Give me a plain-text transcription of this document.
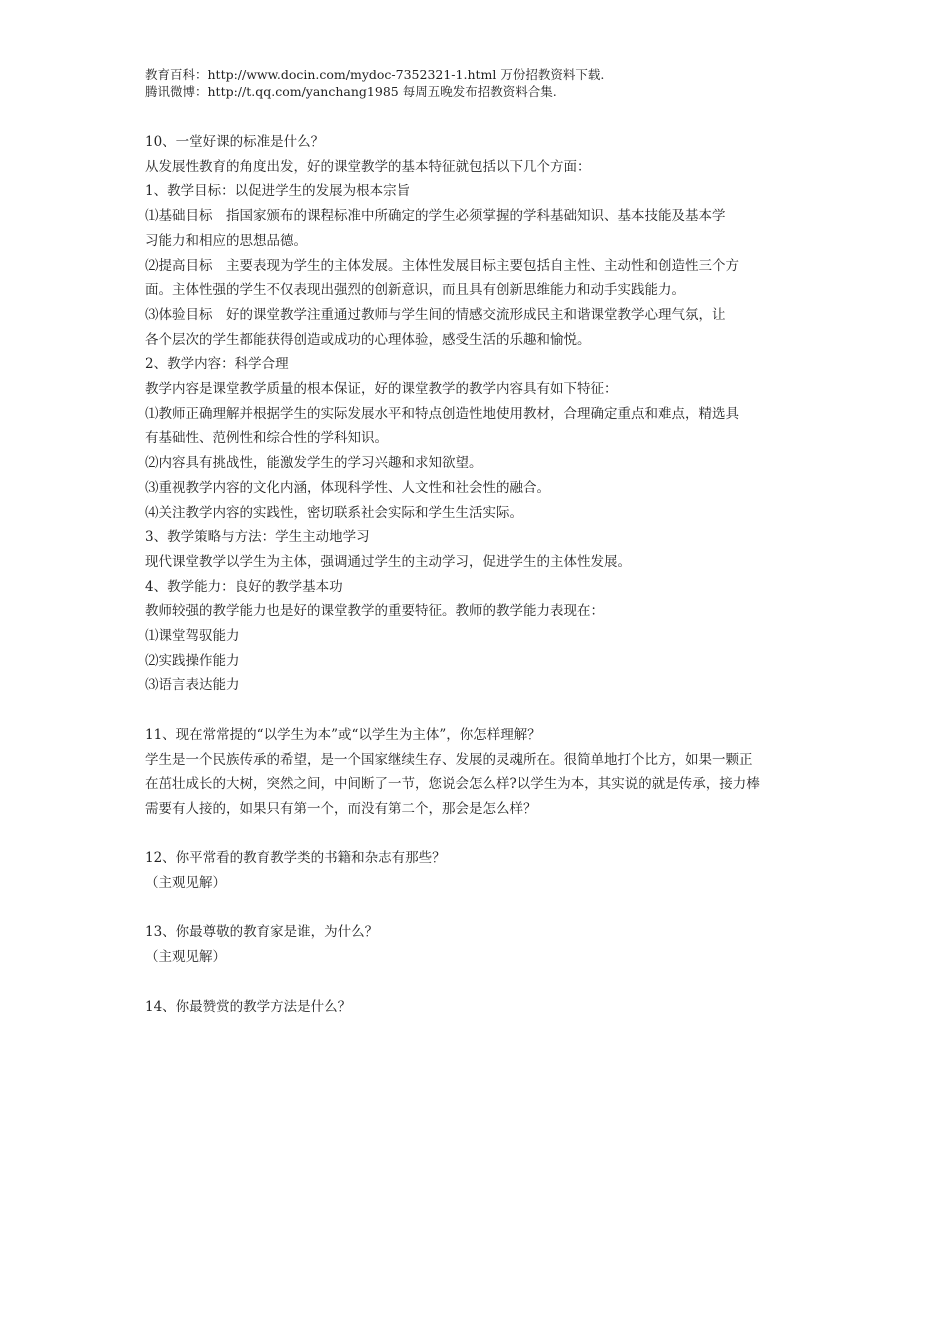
教育百科：http://www.docin.com/mydoc-7352321-1.html 万份招教资料下载.
腾讯微博：http://t.qq.com/yanchang1985 每周五晚发布招教资料合集.
10、一堂好课的标准是什么？
从发展性教育的角度出发，好的课堂教学的基本特征就包括以下几个方面：
1、教学目标：以促进学生的发展为根本宗旨
⑴基础目标　指国家颁布的课程标准中所确定的学生必须掌握的学科基础知识、基本技能及基本学
习能力和相应的思想品德。
⑵提高目标　主要表现为学生的主体发展。主体性发展目标主要包括自主性、主动性和创造性三个方
面。主体性强的学生不仅表现出强烈的创新意识，而且具有创新思维能力和动手实践能力。
⑶体验目标　好的课堂教学注重通过教师与学生间的情感交流形成民主和谐课堂教学心理气氛，让
各个层次的学生都能获得创造或成功的心理体验，感受生活的乐趣和愉悦。
2、教学内容：科学合理
教学内容是课堂教学质量的根本保证，好的课堂教学的教学内容具有如下特征：
⑴教师正确理解并根据学生的实际发展水平和特点创造性地使用教材，合理确定重点和难点，精选具
有基础性、范例性和综合性的学科知识。
⑵内容具有挑战性，能激发学生的学习兴趣和求知欲望。
⑶重视教学内容的文化内涵，体现科学性、人文性和社会性的融合。
⑷关注教学内容的实践性，密切联系社会实际和学生生活实际。
3、教学策略与方法：学生主动地学习
现代课堂教学以学生为主体，强调通过学生的主动学习，促进学生的主体性发展。
4、教学能力：良好的教学基本功
教师较强的教学能力也是好的课堂教学的重要特征。教师的教学能力表现在：
⑴课堂驾驭能力
⑵实践操作能力
⑶语言表达能力
11、现在常常提的“以学生为本”或“以学生为主体”，你怎样理解？
学生是一个民族传承的希望，是一个国家继续生存、发展的灵魂所在。很简单地打个比方，如果一颗正
在茁壮成长的大树，突然之间，中间断了一节，您说会怎么样?以学生为本，其实说的就是传承，接力棒
需要有人接的，如果只有第一个，而没有第二个，那会是怎么样？
12、你平常看的教育教学类的书籍和杂志有那些？
（主观见解）
13、你最尊敬的教育家是谁，为什么？
（主观见解）
14、你最赞赏的教学方法是什么？
